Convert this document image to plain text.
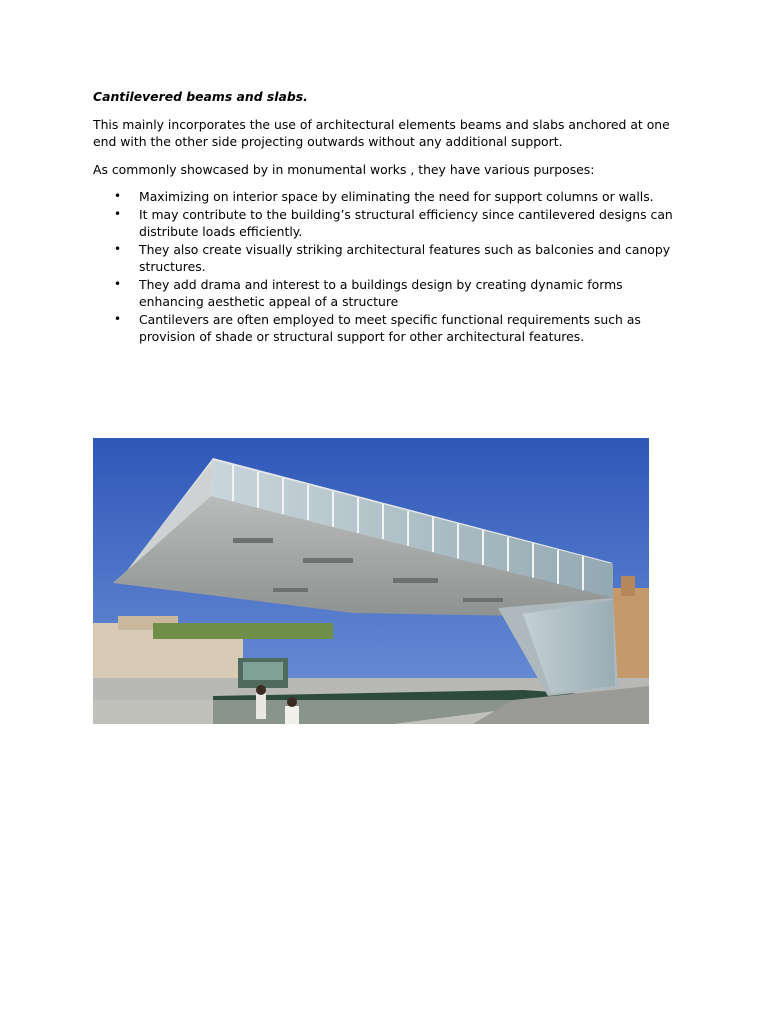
Cantilevered beams and slabs.

This mainly incorporates the use of architectural elements beams and slabs anchored at one end with the other side projecting outwards without any additional support.

As commonly showcased by in monumental works , they have various purposes:

• Maximizing on interior space by eliminating the need for support columns or walls.
• It may contribute to the building’s structural efficiency since cantilevered designs can distribute loads efficiently.
• They also create visually striking architectural features such as balconies and canopy structures.
• They add drama and interest to a buildings design by creating dynamic forms enhancing aesthetic appeal of a structure
• Cantilevers are often employed to meet specific functional requirements such as provision of shade or structural support for other architectural features.
